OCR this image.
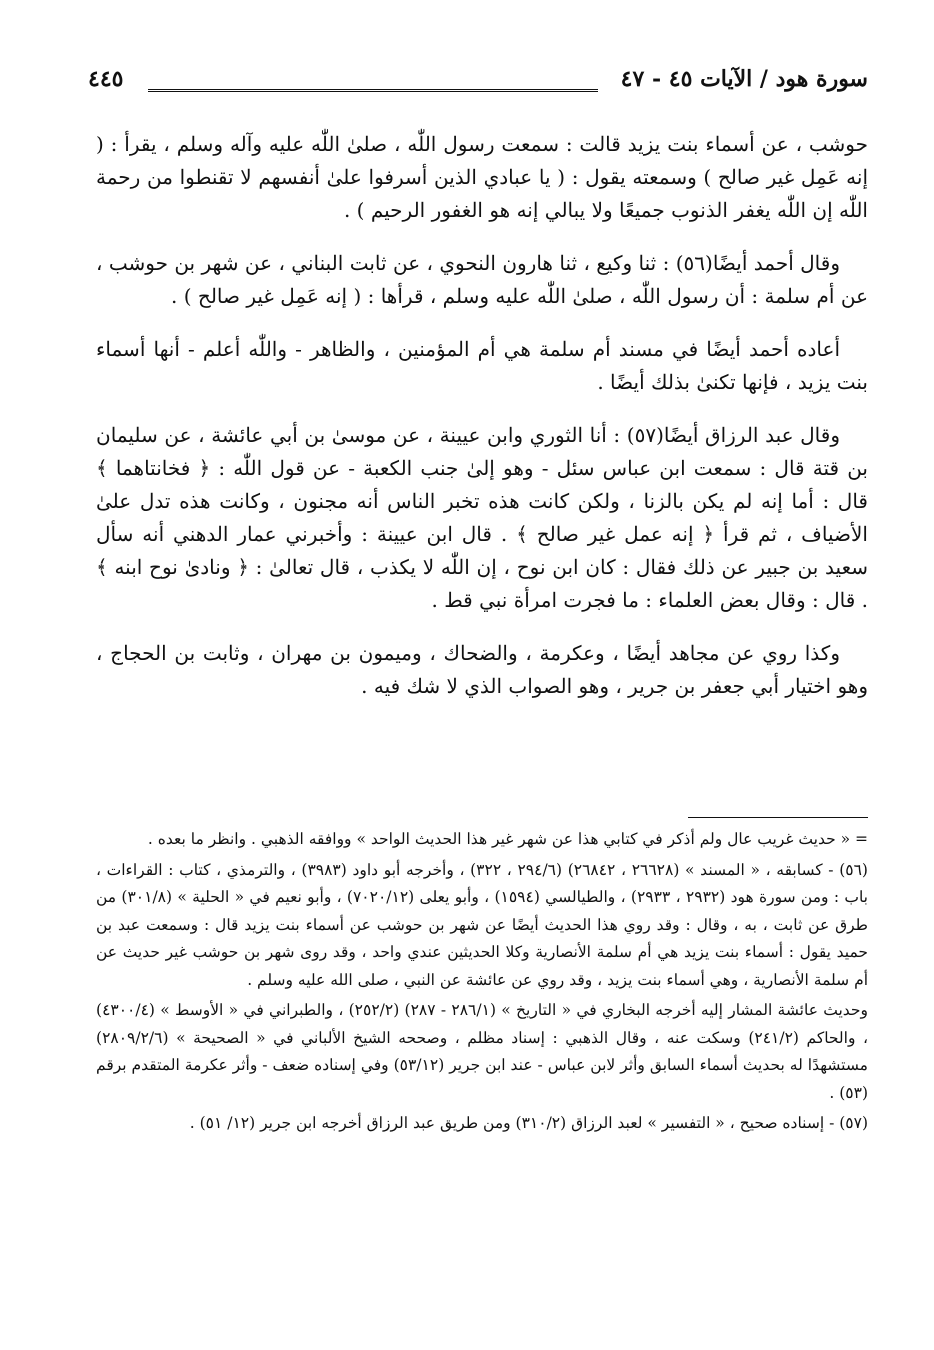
سورة هود / الآيات ٤٥ - ٤٧
٤٤٥

حوشب ، عن أسماء بنت يزيد قالت : سمعت رسول اللّٰه ، صلىٰ اللّٰه عليه وآله وسلم ، يقرأ : ( إنه عَمِل غير صالح ) وسمعته يقول : ( يا عبادي الذين أسرفوا علىٰ أنفسهم لا تقنطوا من رحمة اللّٰه إن اللّٰه يغفر الذنوب جميعًا ولا يبالي إنه هو الغفور الرحيم ) .

وقال أحمد أيضًا(٥٦) : ثنا وكيع ، ثنا هارون النحوي ، عن ثابت البناني ، عن شهر بن حوشب ، عن أم سلمة : أن رسول اللّٰه ، صلىٰ اللّٰه عليه وسلم ، قرأها : ( إنه عَمِل غير صالح ) .

أعاده أحمد أيضًا في مسند أم سلمة هي أم المؤمنين ، والظاهر - واللّٰه أعلم - أنها أسماء بنت يزيد ، فإنها تكنىٰ بذلك أيضًا .

وقال عبد الرزاق أيضًا(٥٧) : أنا الثوري وابن عيينة ، عن موسىٰ بن أبي عائشة ، عن سليمان بن قتة قال : سمعت ابن عباس سئل - وهو إلىٰ جنب الكعبة - عن قول اللّٰه : ﴿ فخانتاهما ﴾ قال : أما إنه لم يكن بالزنا ، ولكن كانت هذه تخبر الناس أنه مجنون ، وكانت هذه تدل علىٰ الأضياف ، ثم قرأ ﴿ إنه عمل غير صالح ﴾ . قال ابن عيينة : وأخبرني عمار الدهني أنه سأل سعيد بن جبير عن ذلك فقال : كان ابن نوح ، إن اللّٰه لا يكذب ، قال تعالىٰ : ﴿ ونادىٰ نوح ابنه ﴾ . قال : وقال بعض العلماء : ما فجرت امرأة نبي قط .

وكذا روي عن مجاهد أيضًا ، وعكرمة ، والضحاك ، وميمون بن مهران ، وثابت بن الحجاج ، وهو اختيار أبي جعفر بن جرير ، وهو الصواب الذي لا شك فيه .

= « حديث غريب عال ولم أذكر في كتابي هذا عن شهر غير هذا الحديث الواحد » ووافقه الذهبي . وانظر ما بعده .

(٥٦) - كسابقه ، « المسند » (٢٦٦٢٨ ، ٢٦٨٤٢) (٢٩٤/٦ ، ٣٢٢) ، وأخرجه أبو داود (٣٩٨٣) ، والترمذي ، كتاب : القراءات ، باب : ومن سورة هود (٢٩٣٢ ، ٢٩٣٣) ، والطيالسي (١٥٩٤) ، وأبو يعلى (٧٠٢٠/١٢) ، وأبو نعيم في « الحلية » (٣٠١/٨) من طرق عن ثابت ، به ، وقال : وقد روي هذا الحديث أيضًا عن شهر بن حوشب عن أسماء بنت يزيد قال : وسمعت عبد بن حميد يقول : أسماء بنت يزيد هي أم سلمة الأنصارية وكلا الحديثين عندي واحد ، وقد روى شهر بن حوشب غير حديث عن أم سلمة الأنصارية ، وهي أسماء بنت يزيد ، وقد روي عن عائشة عن النبي ، صلى الله عليه وسلم .

وحديث عائشة المشار إليه أخرجه البخاري في « التاريخ » (٢٨٦/١ - ٢٨٧) (٢٥٢/٢) ، والطبراني في « الأوسط » (٤٣٠٠/٤) ، والحاكم (٢٤١/٢) وسكت عنه ، وقال الذهبي : إسناد مظلم ، وصححه الشيخ الألباني في « الصحيحة » (٢٨٠٩/٢/٦) مستشهدًا له بحديث أسماء السابق وأثر لابن عباس - عند ابن جرير (٥٣/١٢) وفي إسناده ضعف - وأثر عكرمة المتقدم برقم (٥٣) .

(٥٧) - إسناده صحيح ، « التفسير » لعبد الرزاق (٣١٠/٢) ومن طريق عبد الرزاق أخرجه ابن جرير (١٢/ ٥١) .
